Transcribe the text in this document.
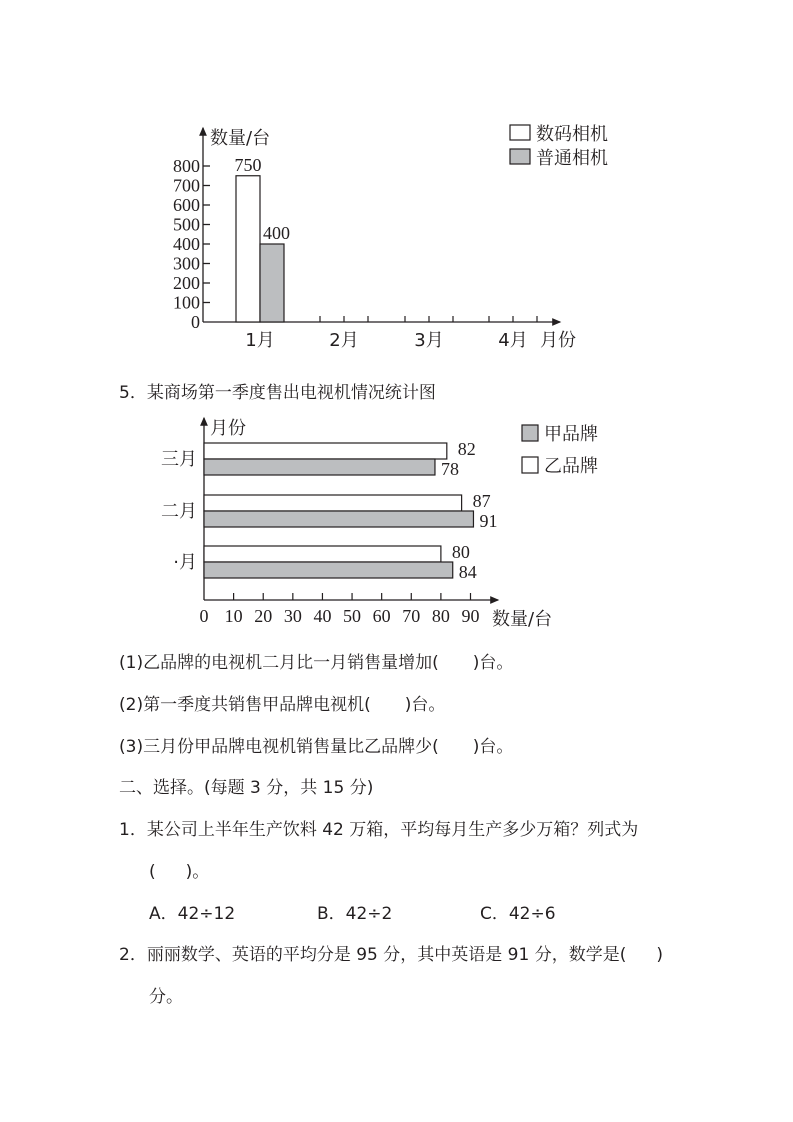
0
100
200
300
400
500
600
700
800
1月	2月	3月	4月
750
400
数量/台
月份
数码相机
普通相机
5．某商场第一季度售出电视机情况统计图
0 10 20 30 40 50 60 70 80 90
·月
二月
三月
80
87
82
84
91
78
月份
数量/台
甲品牌
乙品牌
(1)乙品牌的电视机二月比一月销售量增加( )台。
(2)第一季度共销售甲品牌电视机( )台。
(3)三月份甲品牌电视机销售量比乙品牌少( )台。
二、选择。(每题 3 分，共 15 分)
1．某公司上半年生产饮料 42 万箱，平均每月生产多少万箱？列式为
( )。
A．42÷12	B．42÷2	C．42÷6
2．丽丽数学、英语的平均分是 95 分，其中英语是 91 分，数学是( )
分。
